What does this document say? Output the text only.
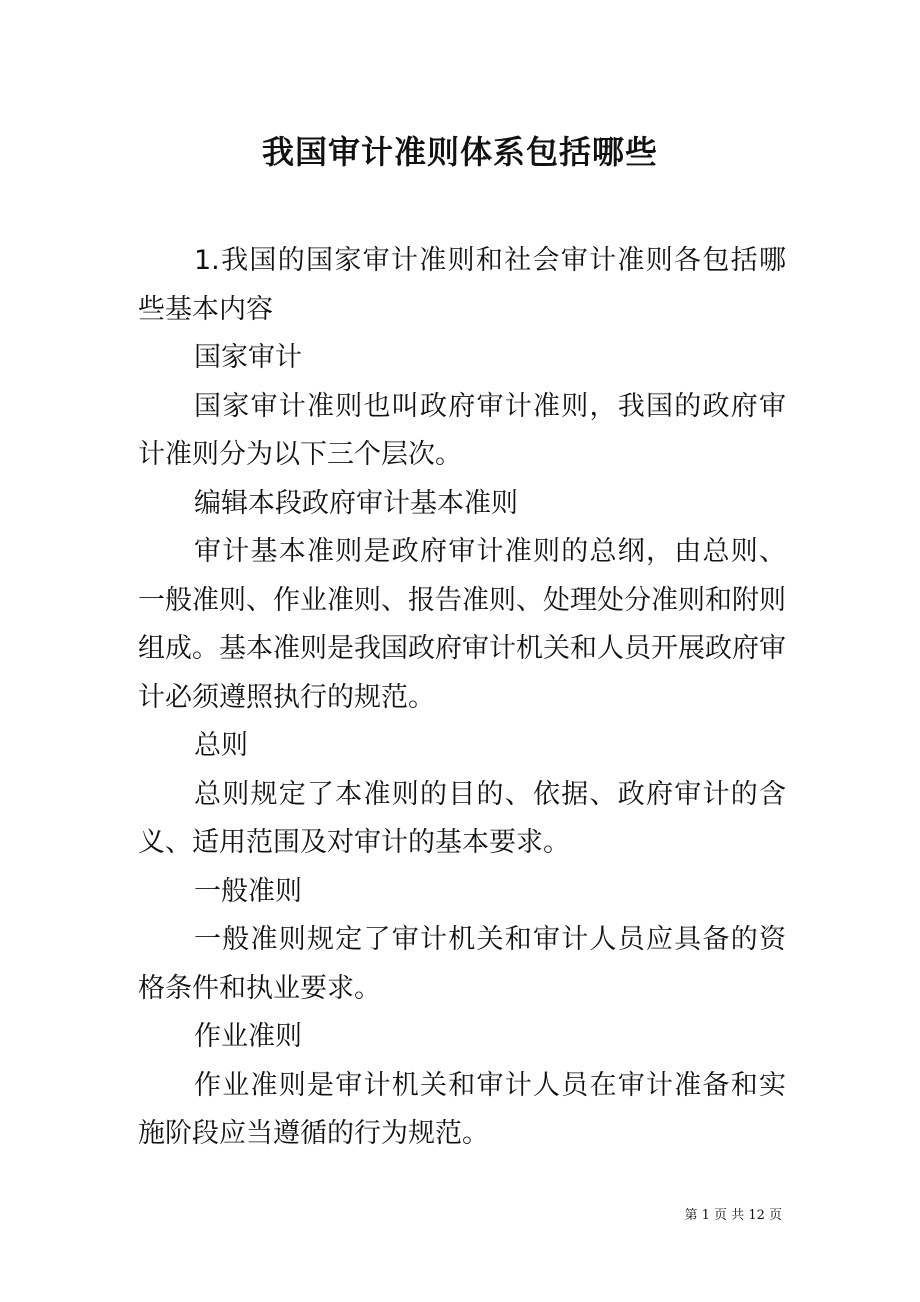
我国审计准则体系包括哪些

1.我国的国家审计准则和社会审计准则各包括哪些基本内容

国家审计

国家审计准则也叫政府审计准则，我国的政府审计准则分为以下三个层次。

编辑本段政府审计基本准则

审计基本准则是政府审计准则的总纲，由总则、一般准则、作业准则、报告准则、处理处分准则和附则组成。基本准则是我国政府审计机关和人员开展政府审计必须遵照执行的规范。

总则

总则规定了本准则的目的、依据、政府审计的含义、适用范围及对审计的基本要求。

一般准则

一般准则规定了审计机关和审计人员应具备的资格条件和执业要求。

作业准则

作业准则是审计机关和审计人员在审计准备和实施阶段应当遵循的行为规范。

第 1 页 共 12 页
